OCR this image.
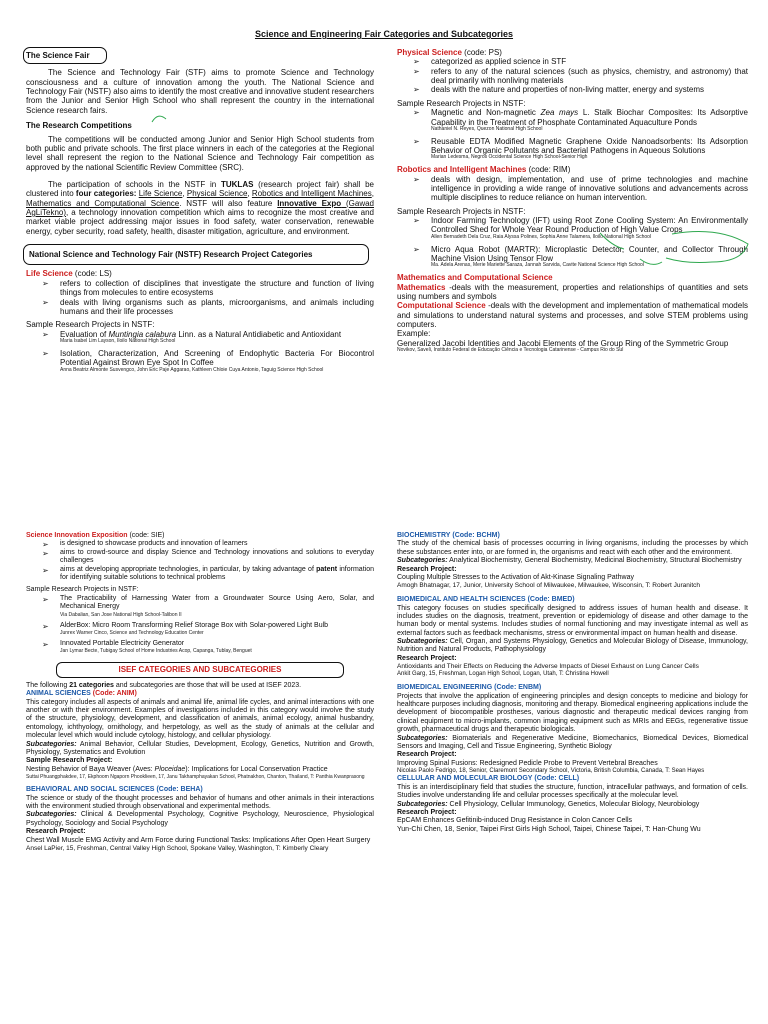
Science and Engineering Fair Categories and Subcategories
The Science Fair

The Science and Technology Fair (STF) aims to promote Science and Technology consciousness and a culture of innovation among the youth. The National Science and Technology Fair (NSTF) also aims to identify the most creative and innovative student researchers from the Junior and Senior High School who shall represent the country in the international Science research fairs.

The Research Competitions

The competitions will be conducted among Junior and Senior High School students from both public and private schools. The first place winners in each of the categories at the Regional level shall represent the region to the National Science and Technology Fair competition as approved by the national Scientific Review Committee (SRC).

The participation of schools in the NSTF in TUKLAS (research project fair) shall be clustered into four categories: Life Science, Physical Science, Robotics and Intelligent Machines, Mathematics and Computational Science. NSTF will also feature Innovative Expo (Gawad AgLiTekno), a technology innovation competition which aims to recognize the most creative and market viable project addressing major issues in food safety, water conservation, renewable energy, cyber security, road safety, health, disaster mitigation, agriculture, and environment.

National Science and Technology Fair (NSTF) Research Project Categories

Life Science (code: LS)

➢ refers to collection of disciplines that investigate the structure and function of living things from molecules to entire ecosystems
➢ deals with living organisms such as plants, microorganisms, and animals including humans and their life processes

Sample Research Projects in NSTF:

➢ Evaluation of Muntingia calabura Linn. as a Natural Antidiabetic and Antioxidant
Maria Isabel Lim Layson, Iloilo National High School
➢ Isolation, Characterization, And Screening of Endophytic Bacteria For Biocontrol Potential Against Brown Eye Spot In Coffee
Anna Beatriz Almonte Susvengco, John Eric Paje Aggarao, Kathleen Chloie Cuya Antonio, Taguig Science High School

Physical Science (code: PS)

➢ categorized as applied science in STF
➢ refers to any of the natural sciences (such as physics, chemistry, and astronomy) that deal primarily with nonliving materials
➢ deals with the nature and properties of non-living matter, energy and systems

Sample Research Projects in NSTF:

➢ Magnetic and Non-magnetic Zea mays L. Stalk Biochar Composites: Its Adsorptive Capability in the Treatment of Phosphate Contaminated Aquaculture Ponds
Nathaniel N. Reyes, Quezon National High School
➢ Reusable EDTA Modified Magnetic Graphene Oxide Nanoadsorbents: Its Adsorption Behavior of Organic Pollutants and Bacterial Pathogens in Aqueous Solutions
Marian Ledesma, Negros Occidental Science High School-Senior High

Robotics and Intelligent Machines (code: RIM)

➢ deals with design, implementation, and use of prime technologies and machine intelligence in providing a wide range of innovative solutions and advancements across multiple disciplines to reduce reliance on human intervention.

Sample Research Projects in NSTF:

➢ Indoor Farming Technology (IFT) using Root Zone Cooling System: An Environmentally Controlled Shed for Whole Year Round Production of High Value Crops
Allen Bernadeth Dela Cruz, Raia Alyssa Polines, Sophia Anne Talamera, Iloilo National High School
➢ Micro Aqua Robot (MARTR): Microplastic Detector, Counter, and Collector Through Machine Vision Using Tensor Flow
Ma. Adela Arenas, Merie Mariette Saraza, Jannah Sarvida, Cavite National Science High School

Mathematics and Computational Science

Mathematics -deals with the measurement, properties and relationships of quantities and sets using numbers and symbols

Computational Science -deals with the development and implementation of mathematical models and simulations to understand natural systems and processes, and solve STEM problems using computers.

Example:

Generalized Jacobi Identities and Jacobi Elements of the Group Ring of the Symmetric Group

Novikov, Saveli, Instituto Federal de Educação Ciência e Tecnologia Catarinense - Campus Rio do Sul

Science Innovation Exposition (code: SIE)

➢ is designed to showcase products and innovation of learners
➢ aims to crowd-source and display Science and Technology innovations and solutions to everyday challenges
➢ aims at developing appropriate technologies, in particular, by taking advantage of patent information for identifying suitable solutions to technical problems

Sample Research Projects in NSTF:

➢ The Practicability of Harnessing Water from a Groundwater Source Using Aero, Solar, and Mechanical Energy
Via Dabalian, San Jose National High School-Talibon II
➢ AlderBox: Micro Room Transforming Relief Storage Box with Solar-powered Light Bulb
Junrex Warner Cinco, Science and Technology Education Center
➢ Innovated Portable Electricity Generator
Jan Lymar Becte, Tubigay School of Home Industries Acop, Capanga, Tublay, Benguet
ISEF CATEGORIES AND SUBCATEGORIES

The following 21 categories and subcategories are those that will be used at ISEF 2023.

ANIMAL SCIENCES (Code: ANIM)

This category includes all aspects of animals and animal life, animal life cycles, and animal interactions with one another or with their environment. Examples of investigations included in this category would involve the study of the structure, physiology, development, and classification of animals, animal ecology, animal husbandry, entomology, ichthyology, ornithology, and herpetology, as well as the study of animals at the cellular and molecular level which would include cytology, histology, and cellular physiology.

Subcategories: Animal Behavior, Cellular Studies, Development, Ecology, Genetics, Nutrition and Growth, Physiology, Systematics and Evolution

Sample Research Project:

Nesting Behavior of Baya Weaver (Aves: Ploceidae): Implications for Local Conservation Practice

Suttai Phuangphakdee, 17, Ekphoom Ngaporn Phooklieen, 17, Janu Takhamphayakan School, Phatnakhon, Chanton, Thailand, T: Panthia Kwanprasong

BEHAVIORAL AND SOCIAL SCIENCES (Code: BEHA)

The science or study of the thought processes and behavior of humans and other animals in their interactions with the environment studied through observational and experimental methods.

Subcategories: Clinical & Developmental Psychology, Cognitive Psychology, Neuroscience, Physiological Psychology, Sociology and Social Psychology

Research Project:

Chest Wall Muscle EMG Activity and Arm Force during Functional Tasks: Implications After Open Heart Surgery

Ansel LaPier, 15, Freshman, Central Valley High School, Spokane Valley, Washington, T: Kimberly Cleary

BIOCHEMISTRY (Code: BCHM)

The study of the chemical basis of processes occurring in living organisms, including the processes by which these substances enter into, or are formed in, the organisms and react with each other and the environment.

Subcategories: Analytical Biochemistry, General Biochemistry, Medicinal Biochemistry, Structural Biochemistry

Research Project:

Coupling Multiple Stresses to the Activation of Akt-Kinase Signaling Pathway

Amogh Bhatnagar, 17, Junior, University School of Milwaukee, Milwaukee, Wisconsin, T: Robert Juranitch

BIOMEDICAL AND HEALTH SCIENCES (Code: BMED)

This category focuses on studies specifically designed to address issues of human health and disease. It includes studies on the diagnosis, treatment, prevention or epidemiology of disease and other damage to the human body or mental systems. Includes studies of normal functioning and may investigate internal as well as external factors such as feedback mechanisms, stress or environmental impact on human health and disease.

Subcategories: Cell, Organ, and Systems Physiology, Genetics and Molecular Biology of Disease, Immunology, Nutrition and Natural Products, Pathophysiology

Research Project:

Antioxidants and Their Effects on Reducing the Adverse Impacts of Diesel Exhaust on Lung Cancer Cells

Ankit Garg, 15, Freshman, Logan High School, Logan, Utah, T: Christina Howell

BIOMEDICAL ENGINEERING (Code: ENBM)

Projects that involve the application of engineering principles and design concepts to medicine and biology for healthcare purposes including diagnosis, monitoring and therapy. Biomedical engineering applications include the development of biocompatible prostheses, various diagnostic and therapeutic medical devices ranging from clinical equipment to micro-implants, common imaging equipment such as MRIs and EEGs, regenerative tissue growth, pharmaceutical drugs and therapeutic biologicals.

Subcategories: Biomaterials and Regenerative Medicine, Biomechanics, Biomedical Devices, Biomedical Sensors and Imaging, Cell and Tissue Engineering, Synthetic Biology

Research Project:

Improving Spinal Fusions: Redesigned Pedicle Probe to Prevent Vertebral Breaches

Nicolas Paolo Fedrigo, 18, Senior, Claremont Secondary School, Victoria, British Columbia, Canada, T: Sean Hayes

CELLULAR AND MOLECULAR BIOLOGY (Code: CELL)

This is an interdisciplinary field that studies the structure, function, intracellular pathways, and formation of cells. Studies involve understanding life and cellular processes specifically at the molecular level.

Subcategories: Cell Physiology, Cellular Immunology, Genetics, Molecular Biology, Neurobiology

Research Project:

EpCAM Enhances Gefitinib-induced Drug Resistance in Colon Cancer Cells

Yun-Chi Chen, 18, Senior, Taipei First Girls High School, Taipei, Chinese Taipei, T: Han-Chung Wu
